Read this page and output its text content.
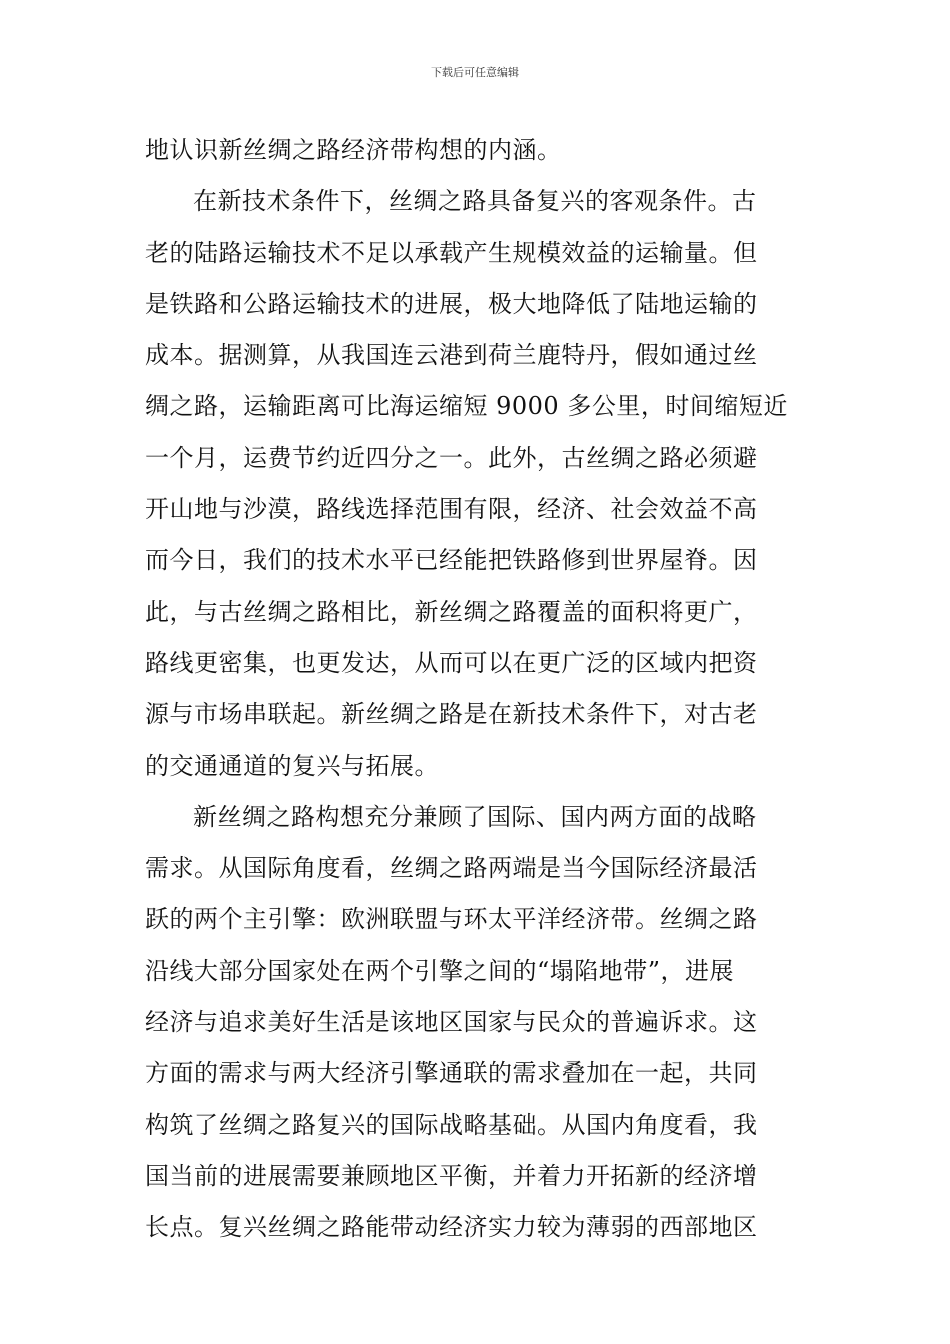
下载后可任意编辑

地认识新丝绸之路经济带构想的内涵。

在新技术条件下，丝绸之路具备复兴的客观条件。古
老的陆路运输技术不足以承载产生规模效益的运输量。但
是铁路和公路运输技术的进展，极大地降低了陆地运输的
成本。据测算，从我国连云港到荷兰鹿特丹，假如通过丝
绸之路，运输距离可比海运缩短 9000 多公里，时间缩短近
一个月，运费节约近四分之一。此外，古丝绸之路必须避
开山地与沙漠，路线选择范围有限，经济、社会效益不高
而今日，我们的技术水平已经能把铁路修到世界屋脊。因
此，与古丝绸之路相比，新丝绸之路覆盖的面积将更广，
路线更密集，也更发达，从而可以在更广泛的区域内把资
源与市场串联起。新丝绸之路是在新技术条件下，对古老
的交通通道的复兴与拓展。

新丝绸之路构想充分兼顾了国际、国内两方面的战略
需求。从国际角度看，丝绸之路两端是当今国际经济最活
跃的两个主引擎：欧洲联盟与环太平洋经济带。丝绸之路
沿线大部分国家处在两个引擎之间的“塌陷地带”，进展
经济与追求美好生活是该地区国家与民众的普遍诉求。这
方面的需求与两大经济引擎通联的需求叠加在一起，共同
构筑了丝绸之路复兴的国际战略基础。从国内角度看，我
国当前的进展需要兼顾地区平衡，并着力开拓新的经济增
长点。复兴丝绸之路能带动经济实力较为薄弱的西部地区
